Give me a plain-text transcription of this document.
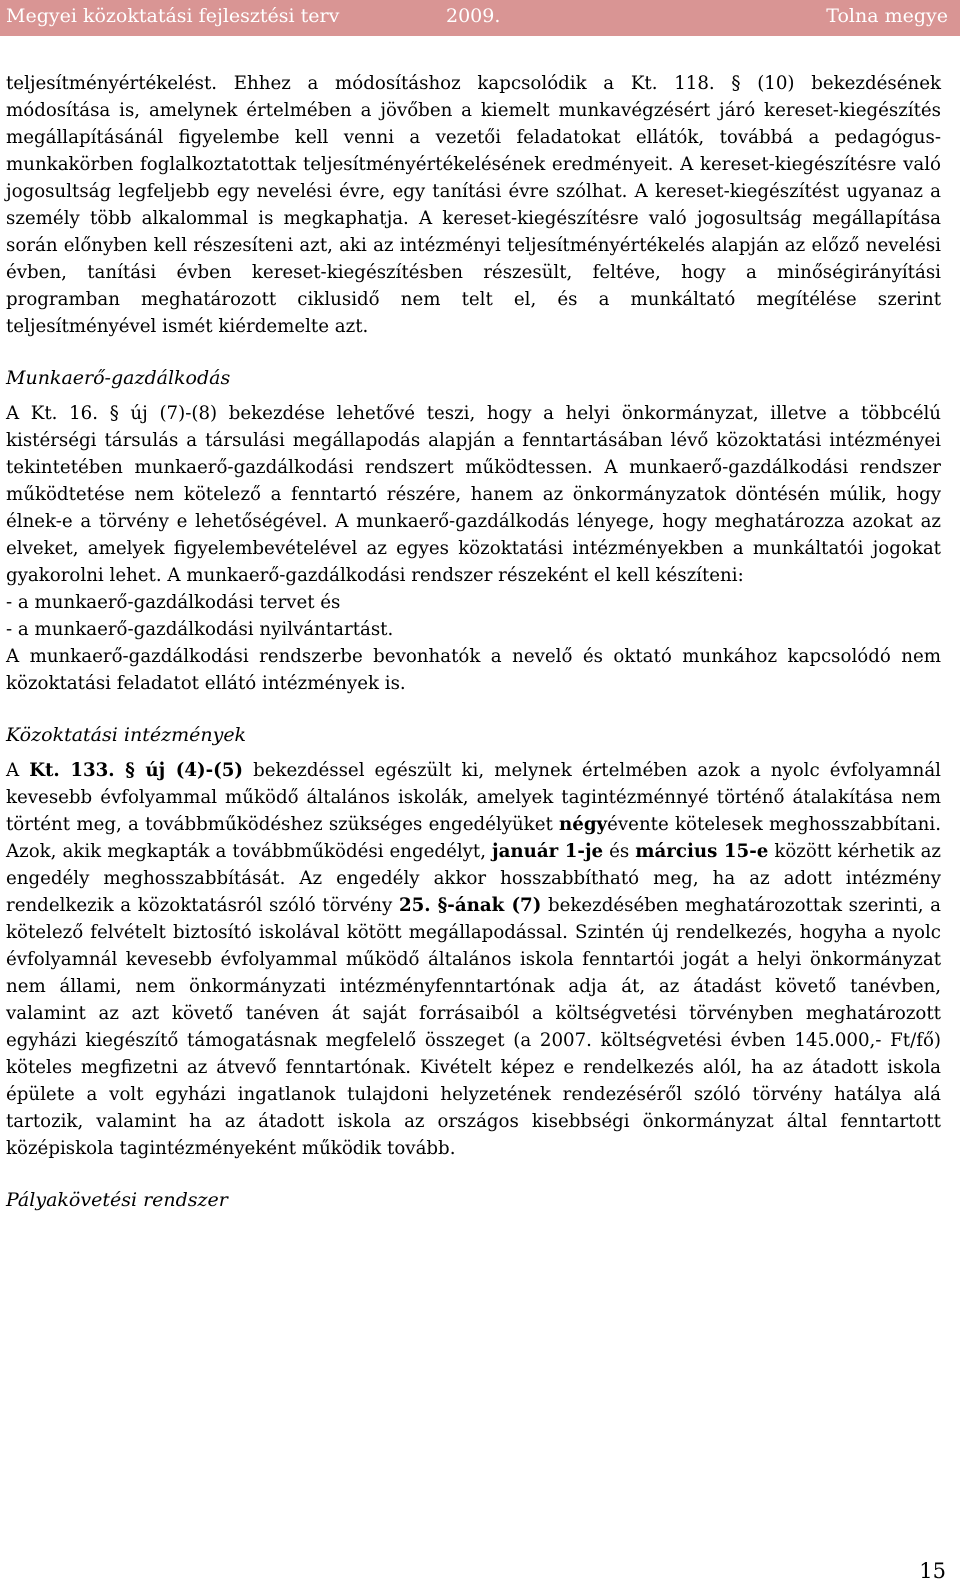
Megyei közoktatási fejlesztési terv	2009.	Tolna megye

teljesítményértékelést. Ehhez a módosításhoz kapcsolódik a Kt. 118. § (10) bekezdésének módosítása is, amelynek értelmében a jövőben a kiemelt munkavégzésért járó kereset-kiegészítés megállapításánál figyelembe kell venni a vezetői feladatokat ellátók, továbbá a pedagógus-munkakörben foglalkoztatottak teljesítményértékelésének eredményeit. A kereset-kiegészítésre való jogosultság legfeljebb egy nevelési évre, egy tanítási évre szólhat. A kereset-kiegészítést ugyanaz a személy több alkalommal is megkaphatja. A kereset-kiegészítésre való jogosultság megállapítása során előnyben kell részesíteni azt, aki az intézményi teljesítményértékelés alapján az előző nevelési évben, tanítási évben kereset-kiegészítésben részesült, feltéve, hogy a minőségirányítási programban meghatározott ciklusidő nem telt el, és a munkáltató megítélése szerint teljesítményével ismét kiérdemelte azt.

Munkaerő-gazdálkodás

A Kt. 16. § új (7)-(8) bekezdése lehetővé teszi, hogy a helyi önkormányzat, illetve a többcélú kistérségi társulás a társulási megállapodás alapján a fenntartásában lévő közoktatási intézményei tekintetében munkaerő-gazdálkodási rendszert működtessen. A munkaerő-gazdálkodási rendszer működtetése nem kötelező a fenntartó részére, hanem az önkormányzatok döntésén múlik, hogy élnek-e a törvény e lehetőségével. A munkaerő-gazdálkodás lényege, hogy meghatározza azokat az elveket, amelyek figyelembevételével az egyes közoktatási intézményekben a munkáltatói jogokat gyakorolni lehet. A munkaerő-gazdálkodási rendszer részeként el kell készíteni:

- a munkaerő-gazdálkodási tervet és

- a munkaerő-gazdálkodási nyilvántartást.

A munkaerő-gazdálkodási rendszerbe bevonhatók a nevelő és oktató munkához kapcsolódó nem közoktatási feladatot ellátó intézmények is.

Közoktatási intézmények

A Kt. 133. § új (4)-(5) bekezdéssel egészült ki, melynek értelmében azok a nyolc évfolyamnál kevesebb évfolyammal működő általános iskolák, amelyek tagintézménnyé történő átalakítása nem történt meg, a továbbműködéshez szükséges engedélyüket négyévente kötelesek meghosszabbítani. Azok, akik megkapták a továbbműködési engedélyt, január 1-je és március 15-e között kérhetik az engedély meghosszabbítását. Az engedély akkor hosszabbítható meg, ha az adott intézmény rendelkezik a közoktatásról szóló törvény 25. §-ának (7) bekezdésében meghatározottak szerinti, a kötelező felvételt biztosító iskolával kötött megállapodással. Szintén új rendelkezés, hogyha a nyolc évfolyamnál kevesebb évfolyammal működő általános iskola fenntartói jogát a helyi önkormányzat nem állami, nem önkormányzati intézményfenntartónak adja át, az átadást követő tanévben, valamint az azt követő tanéven át saját forrásaiból a költségvetési törvényben meghatározott egyházi kiegészítő támogatásnak megfelelő összeget (a 2007. költségvetési évben 145.000,- Ft/fő) köteles megfizetni az átvevő fenntartónak. Kivételt képez e rendelkezés alól, ha az átadott iskola épülete a volt egyházi ingatlanok tulajdoni helyzetének rendezéséről szóló törvény hatálya alá tartozik, valamint ha az átadott iskola az országos kisebbségi önkormányzat által fenntartott középiskola tagintézményeként működik tovább.

Pályakövetési rendszer
15
